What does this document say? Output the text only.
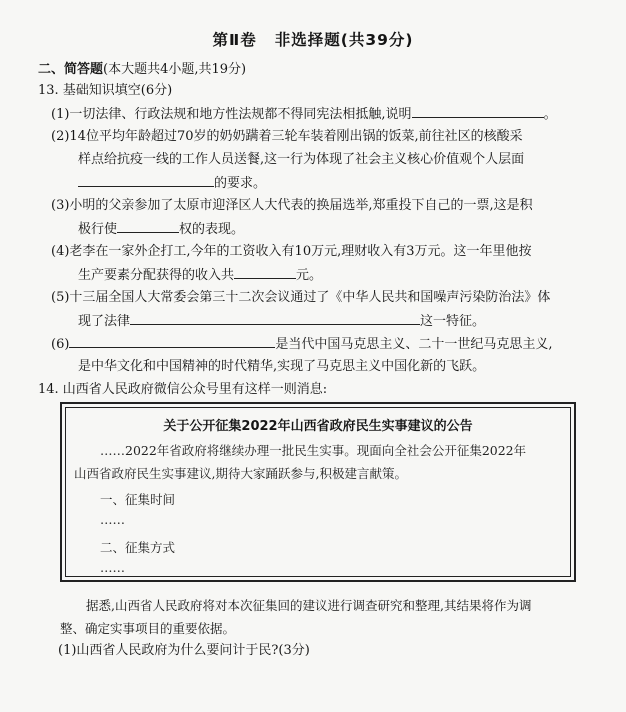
第Ⅱ卷 非选择题(共39分)
二、简答题(本大题共4小题,共19分)
13. 基础知识填空(6分)
(1)一切法律、行政法规和地方性法规都不得同宪法相抵触,说明	。
(2)14位平均年龄超过70岁的奶奶蹒着三轮车装着刚出锅的饭菜,前往社区的核酸采
样点给抗疫一线的工作人员送餐,这一行为体现了社会主义核心价值观个人层面
的要求。
(3)小明的父亲参加了太原市迎泽区人大代表的换届选举,郑重投下自己的一票,这是积
极行使	权的表现。
(4)老李在一家外企打工,今年的工资收入有10万元,理财收入有3万元。这一年里他按
生产要素分配获得的收入共	元。
(5)十三届全国人大常委会第三十二次会议通过了《中华人民共和国噪声污染防治法》体
现了法律	这一特征。
(6)	是当代中国马克思主义、二十一世纪马克思主义,
是中华文化和中国精神的时代精华,实现了马克思主义中国化新的飞跃。
14. 山西省人民政府微信公众号里有这样一则消息:
关于公开征集2022年山西省政府民生实事建议的公告
……2022年省政府将继续办理一批民生实事。现面向全社会公开征集2022年
山西省政府民生实事建议,期待大家踊跃参与,积极建言献策。
一、征集时间
……
二、征集方式
……
据悉,山西省人民政府将对本次征集回的建议进行调查研究和整理,其结果将作为调
整、确定实事项目的重要依据。
(1)山西省人民政府为什么要问计于民?(3分)
